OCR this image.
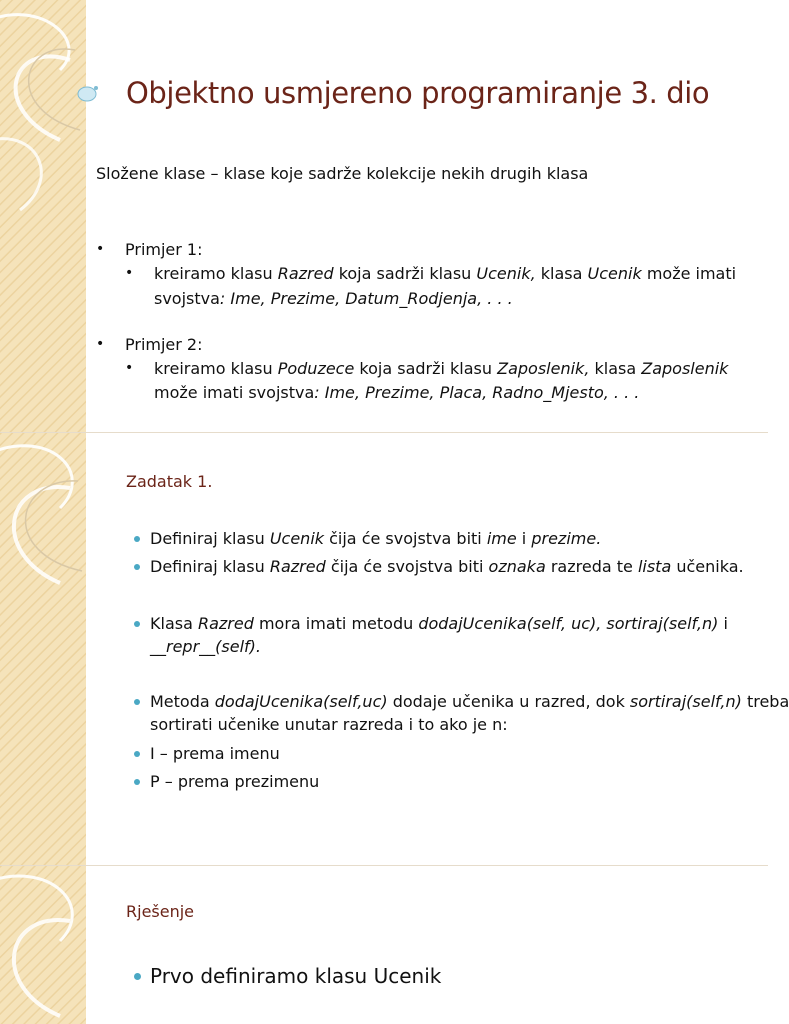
Objektno usmjereno programiranje 3. dio
Složene klase – klase koje sadrže kolekcije nekih drugih klasa
• Primjer 1:
• kreiramo klasu Razred koja sadrži klasu Ucenik, klasa Ucenik može imati
svojstva: Ime, Prezime, Datum_Rodjenja, . . .
• Primjer 2:
• kreiramo klasu Poduzece koja sadrži klasu Zaposlenik, klasa Zaposlenik
može imati svojstva: Ime, Prezime, Placa, Radno_Mjesto, . . .
Zadatak 1.
Definiraj klasu Ucenik čija će svojstva biti ime i prezime.
Definiraj klasu Razred čija će svojstva biti oznaka razreda te lista učenika.
Klasa Razred mora imati metodu dodajUcenika(self, uc), sortiraj(self,n) i
__repr__(self).
Metoda dodajUcenika(self,uc) dodaje učenika u razred, dok sortiraj(self,n) treba
sortirati učenike unutar razreda i to ako je n:
I – prema imenu
P – prema prezimenu
Rješenje
Prvo definiramo klasu Ucenik
